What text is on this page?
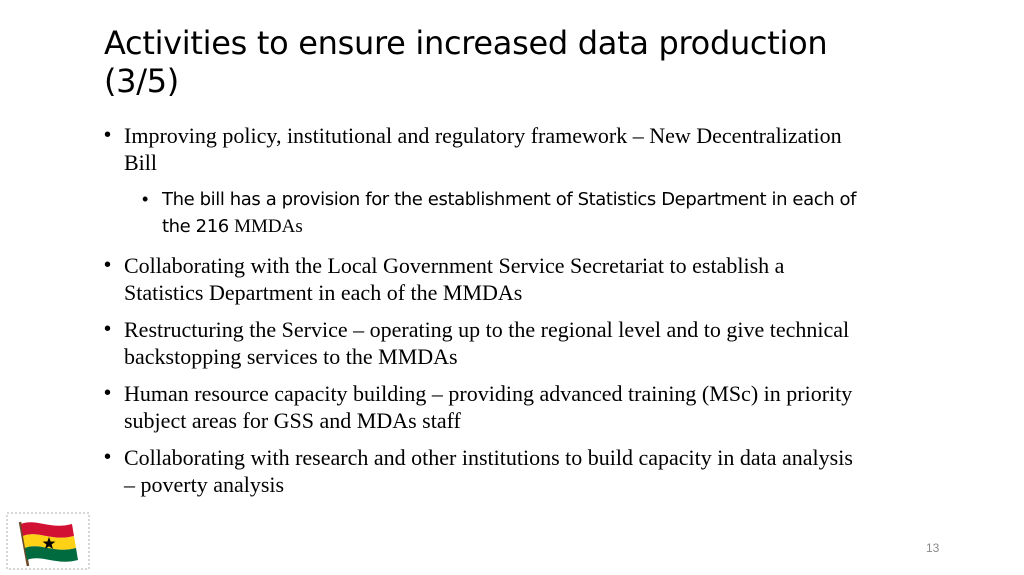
Activities to ensure increased data production (3/5)
• Improving policy, institutional and regulatory framework – New Decentralization Bill
• The bill has a provision for the establishment of Statistics Department in each of the 216 MMDAs
• Collaborating with the Local Government Service Secretariat to establish a Statistics Department in each of the MMDAs
• Restructuring the Service – operating up to the regional level and to give technical backstopping services to the MMDAs
• Human resource capacity building – providing advanced training (MSc) in priority subject areas for GSS and MDAs staff
• Collaborating with research and other institutions to build capacity in data analysis – poverty analysis
13
